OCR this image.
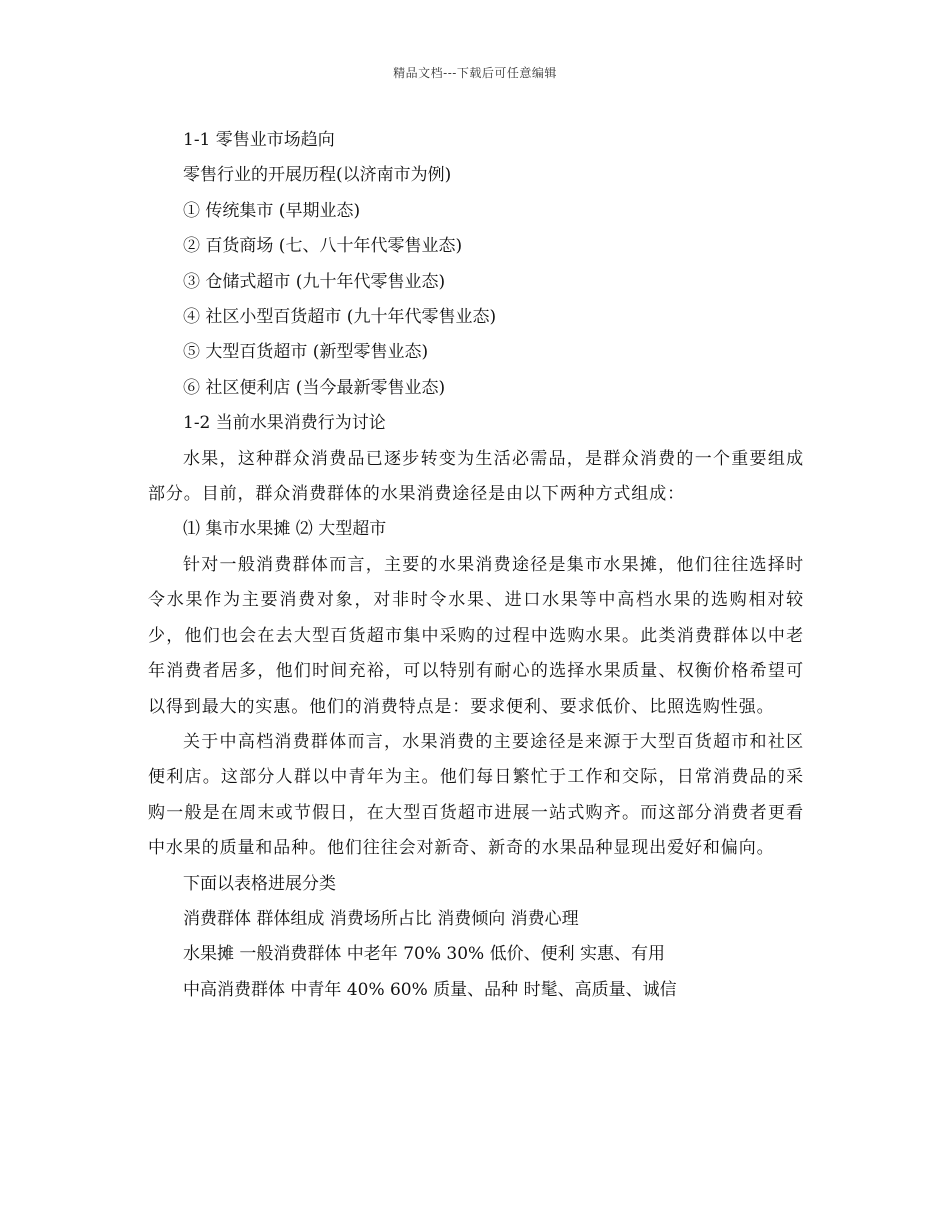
精品文档---下载后可任意编辑

1-1 零售业市场趋向

零售行业的开展历程(以济南市为例)

① 传统集市 (早期业态)

② 百货商场 (七、八十年代零售业态)

③ 仓储式超市 (九十年代零售业态)

④ 社区小型百货超市 (九十年代零售业态)

⑤ 大型百货超市 (新型零售业态)

⑥ 社区便利店 (当今最新零售业态)

1-2 当前水果消费行为讨论

水果，这种群众消费品已逐步转变为生活必需品，是群众消费的一个重要组成部分。目前，群众消费群体的水果消费途径是由以下两种方式组成：

⑴ 集市水果摊 ⑵ 大型超市

针对一般消费群体而言，主要的水果消费途径是集市水果摊，他们往往选择时令水果作为主要消费对象，对非时令水果、进口水果等中高档水果的选购相对较少，他们也会在去大型百货超市集中采购的过程中选购水果。此类消费群体以中老年消费者居多，他们时间充裕，可以特别有耐心的选择水果质量、权衡价格希望可以得到最大的实惠。他们的消费特点是：要求便利、要求低价、比照选购性强。

关于中高档消费群体而言，水果消费的主要途径是来源于大型百货超市和社区便利店。这部分人群以中青年为主。他们每日繁忙于工作和交际，日常消费品的采购一般是在周末或节假日，在大型百货超市进展一站式购齐。而这部分消费者更看中水果的质量和品种。他们往往会对新奇、新奇的水果品种显现出爱好和偏向。

下面以表格进展分类

消费群体 群体组成 消费场所占比 消费倾向 消费心理

水果摊 一般消费群体 中老年 70% 30% 低价、便利 实惠、有用

中高消费群体 中青年 40% 60% 质量、品种 时髦、高质量、诚信
